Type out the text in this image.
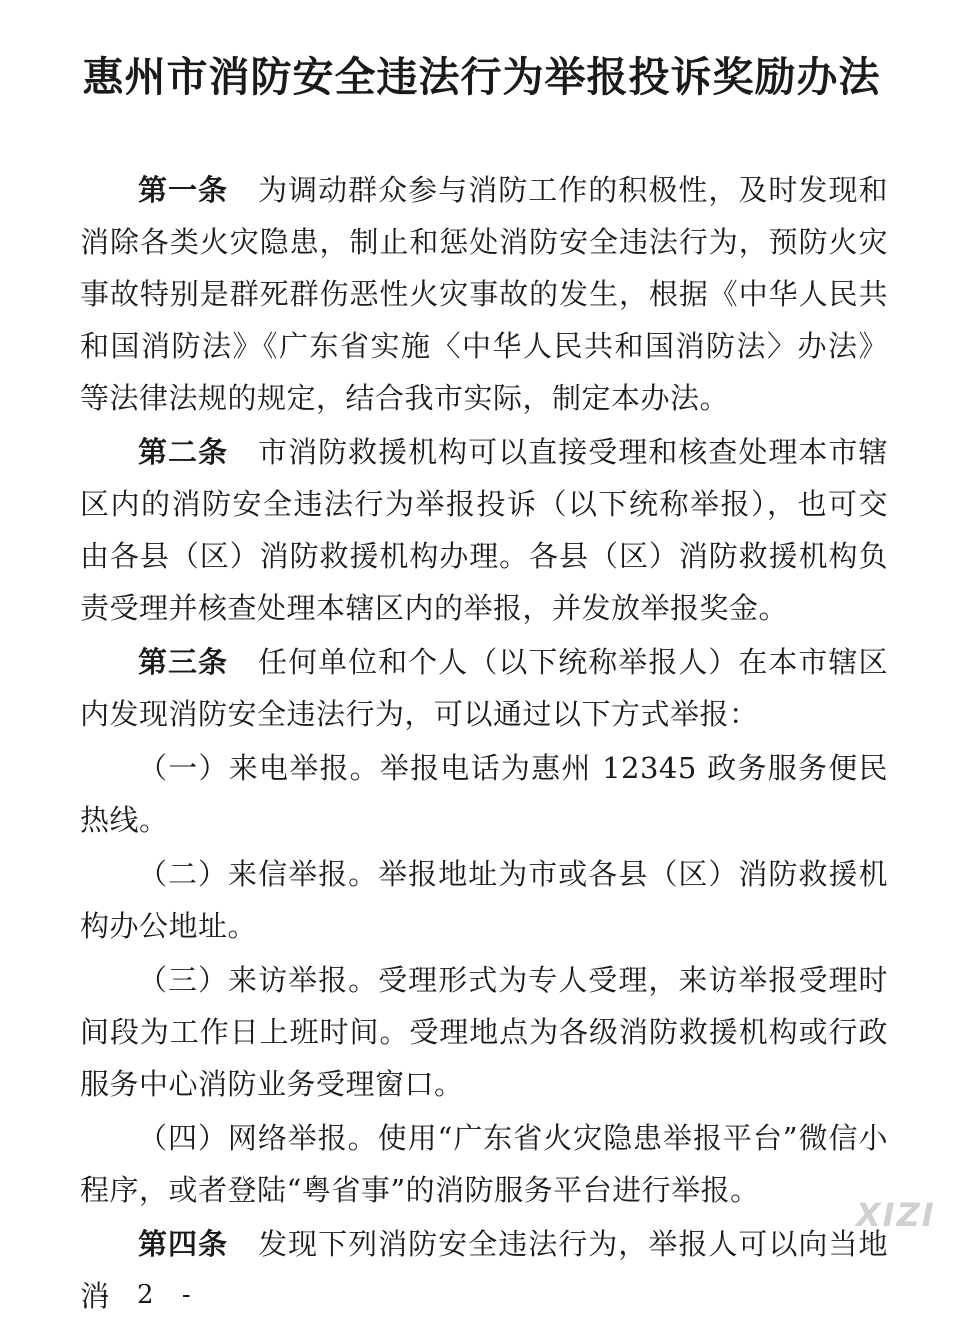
惠州市消防安全违法行为举报投诉奖励办法

第一条 为调动群众参与消防工作的积极性，及时发现和消除各类火灾隐患，制止和惩处消防安全违法行为，预防火灾事故特别是群死群伤恶性火灾事故的发生，根据《中华人民共和国消防法》《广东省实施〈中华人民共和国消防法〉办法》等法律法规的规定，结合我市实际，制定本办法。

第二条 市消防救援机构可以直接受理和核查处理本市辖区内的消防安全违法行为举报投诉（以下统称举报），也可交由各县（区）消防救援机构办理。各县（区）消防救援机构负责受理并核查处理本辖区内的举报，并发放举报奖金。

第三条 任何单位和个人（以下统称举报人）在本市辖区内发现消防安全违法行为，可以通过以下方式举报：

（一）来电举报。举报电话为惠州 12345 政务服务便民热线。

（二）来信举报。举报地址为市或各县（区）消防救援机构办公地址。

（三）来访举报。受理形式为专人受理，来访举报受理时间段为工作日上班时间。受理地点为各级消防救援机构或行政服务中心消防业务受理窗口。

（四）网络举报。使用“广东省火灾隐患举报平台”微信小程序，或者登陆“粤省事”的消防服务平台进行举报。

第四条 发现下列消防安全违法行为，举报人可以向当地消

XIZI
- 2 -
